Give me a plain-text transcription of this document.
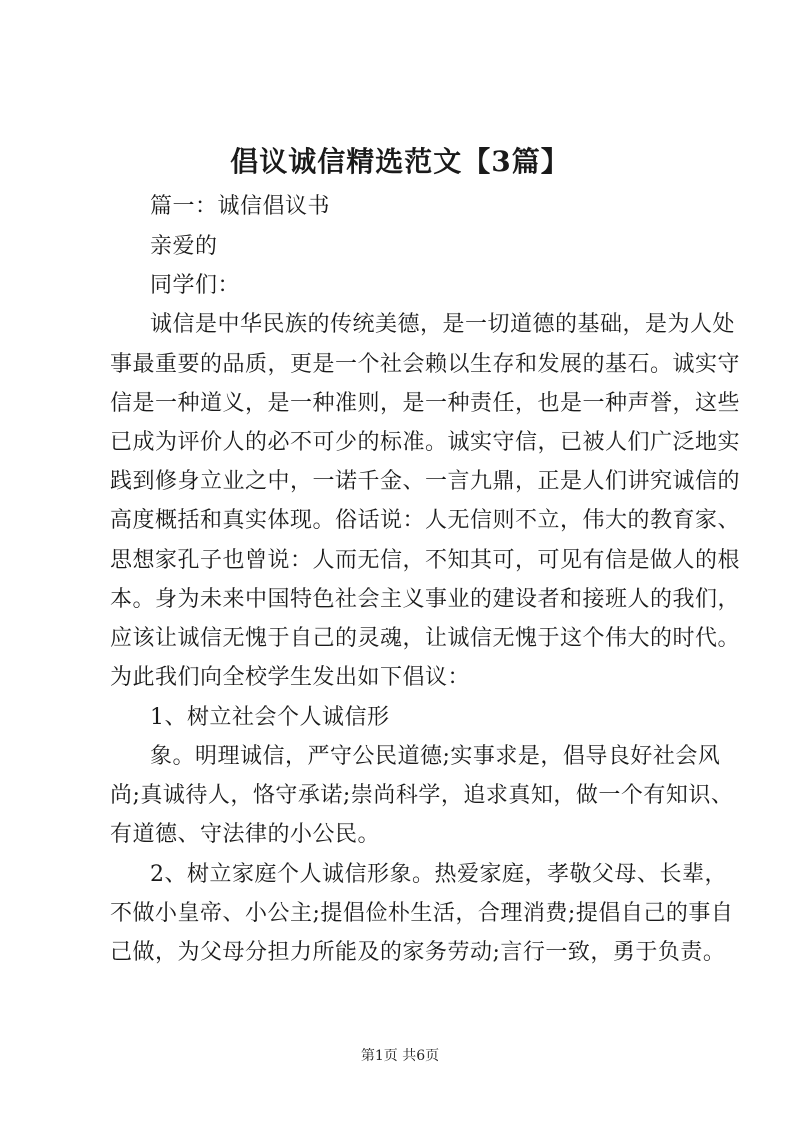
倡议诚信精选范文【3篇】
篇一：诚信倡议书
亲爱的
同学们：
诚信是中华民族的传统美德，是一切道德的基础，是为人处
事最重要的品质，更是一个社会赖以生存和发展的基石。诚实守
信是一种道义，是一种准则，是一种责任，也是一种声誉，这些
已成为评价人的必不可少的标准。诚实守信，已被人们广泛地实
践到修身立业之中，一诺千金、一言九鼎，正是人们讲究诚信的
高度概括和真实体现。俗话说：人无信则不立，伟大的教育家、
思想家孔子也曾说：人而无信，不知其可，可见有信是做人的根
本。身为未来中国特色社会主义事业的建设者和接班人的我们，
应该让诚信无愧于自己的灵魂，让诚信无愧于这个伟大的时代。
为此我们向全校学生发出如下倡议：
1、树立社会个人诚信形
象。明理诚信，严守公民道德;实事求是，倡导良好社会风
尚;真诚待人，恪守承诺;崇尚科学，追求真知，做一个有知识、
有道德、守法律的小公民。
2、树立家庭个人诚信形象。热爱家庭，孝敬父母、长辈，
不做小皇帝、小公主;提倡俭朴生活，合理消费;提倡自己的事自
己做，为父母分担力所能及的家务劳动;言行一致，勇于负责。
第1页 共6页
